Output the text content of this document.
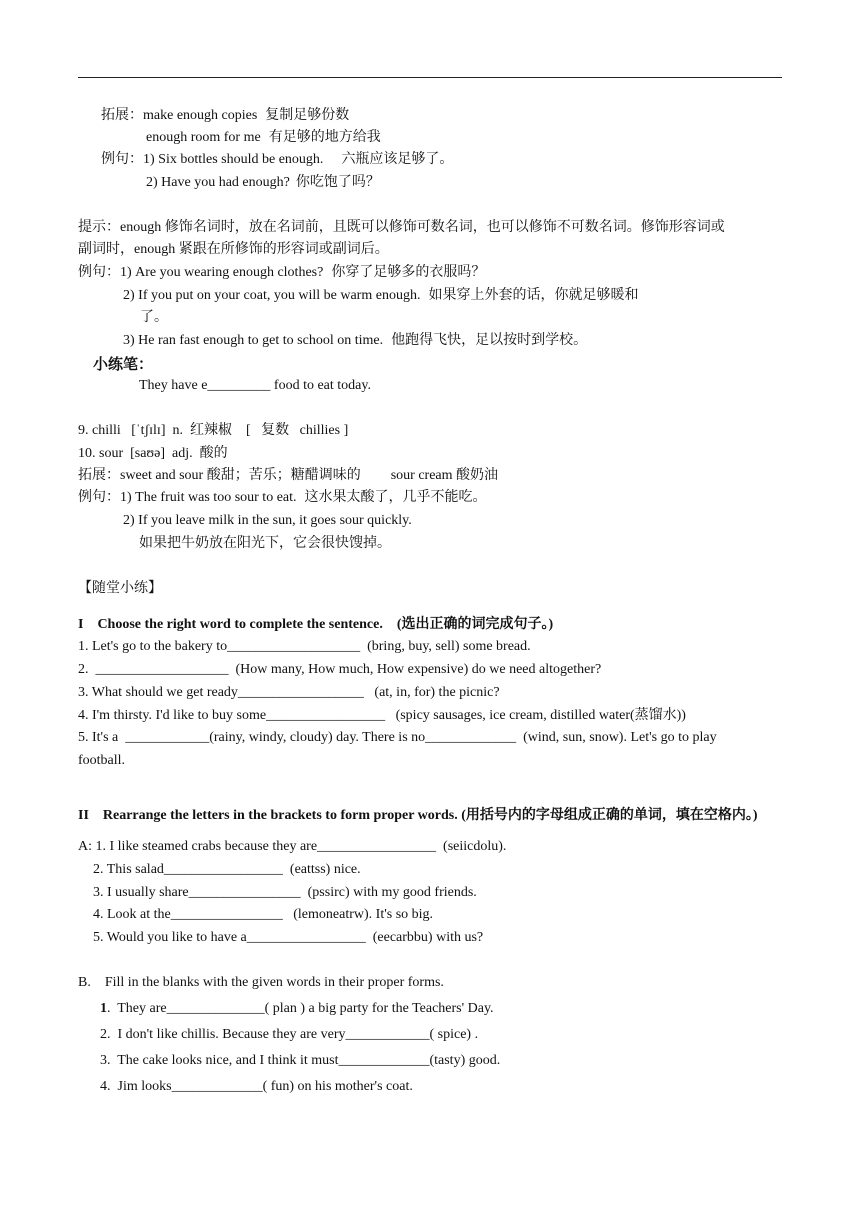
拓展：make enough copies 复制足够份数
enough room for me 有足够的地方给我
例句：1) Six bottles should be enough. 六瓶应该足够了。
2) Have you had enough? 你吃饱了吗？
提示：enough 修饰名词时，放在名词前，且既可以修饰可数名词，也可以修饰不可数名词。修饰形容词或
副词时，enough 紧跟在所修饰的形容词或副词后。
例句：1) Are you wearing enough clothes? 你穿了足够多的衣服吗？
2) If you put on your coat, you will be warm enough. 如果穿上外套的话，你就足够暖和
了。
3) He ran fast enough to get to school on time. 他跑得飞快，足以按时到学校。
小练笔：
They have e_________ food to eat today.
9. chilli   [ˈtʃɪlɪ]  n.  红辣椒    [   复数   chillies ]
10. sour  [saʊə]  adj.  酸的
拓展：sweet and sour 酸甜；苦乐；糖醋调味的 sour cream 酸奶油
例句：1) The fruit was too sour to eat. 这水果太酸了，几乎不能吃。
2) If you leave milk in the sun, it goes sour quickly.
如果把牛奶放在阳光下，它会很快馊掉。
【随堂小练】
I    Choose the right word to complete the sentence.    (选出正确的词完成句子。)
1. Let's go to the bakery to___________________  (bring, buy, sell) some bread.
2.  ___________________  (How many, How much, How expensive) do we need altogether?
3. What should we get ready__________________   (at, in, for) the picnic?
4. I'm thirsty. I'd like to buy some_________________   (spicy sausages, ice cream, distilled water(蒸馏水))
5. It's a  ____________(rainy, windy, cloudy) day. There is no_____________  (wind, sun, snow). Let's go to play
football.
II    Rearrange the letters in the brackets to form proper words. (用括号内的字母组成正确的单词，填在空格内。)
A: 1. I like steamed crabs because they are_________________  (seiicdolu).
2. This salad_________________  (eattss) nice.
3. I usually share________________  (pssirc) with my good friends.
4. Look at the________________   (lemoneatrw). It's so big.
5. Would you like to have a_________________  (eecarbbu) with us?
B.    Fill in the blanks with the given words in their proper forms.
1.  They are______________( plan ) a big party for the Teachers' Day.
2.  I don't like chillis. Because they are very____________( spice) .
3.  The cake looks nice, and I think it must_____________(tasty) good.
4.  Jim looks_____________( fun) on his mother's coat.
